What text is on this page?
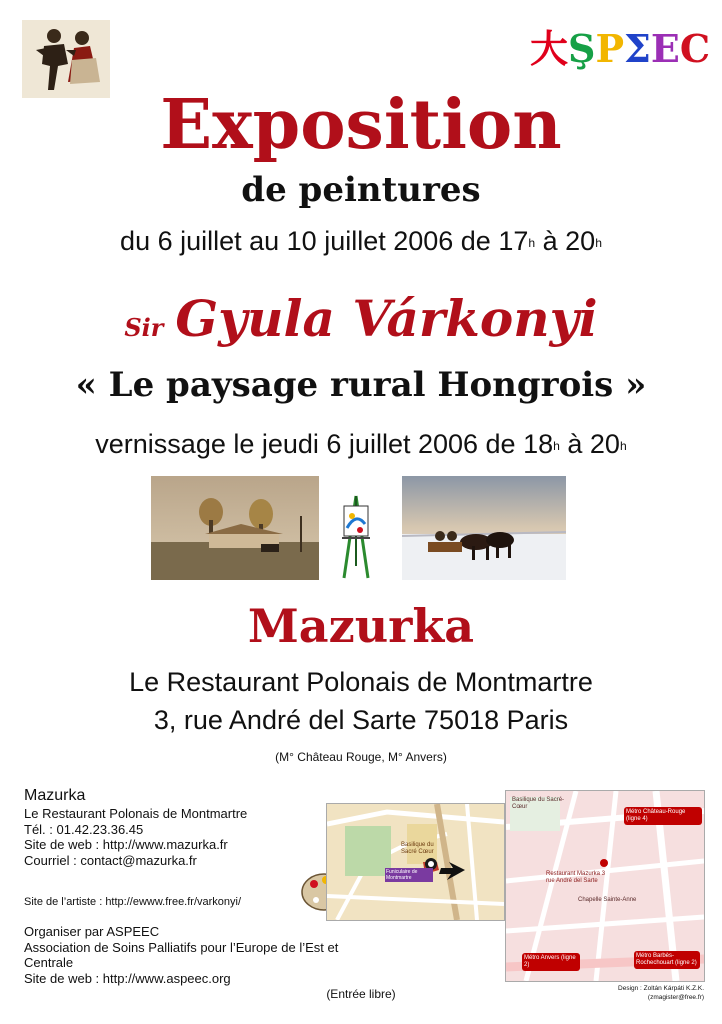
大ŞPΣEC
Exposition
de peintures
du 6 juillet au 10 juillet 2006 de 17$^h$ à 20$^h$
Sir Gyula Várkonyi
« Le paysage rural Hongrois »
vernissage le jeudi 6 juillet 2006 de 18$^h$ à 20$^h$
Mazurka
Le Restaurant Polonais de Montmartre
3, rue André del Sarte 75018 Paris
(M° Château Rouge, M° Anvers)

Mazurka

Le Restaurant Polonais de Montmartre

Tél. : 01.42.23.36.45

Site de web : http://www.mazurka.fr

Courriel : contact@mazurka.fr

Site de l’artiste : http://ewww.free.fr/varkonyi/

Organiser par ASPEEC

Association de Soins Palliatifs pour l’Europe de l’Est et Centrale

Site de web : http://www.aspeec.org

(Entrée libre)
Basilique du Sacré Cœur
Funiculaire de Montmartre
Basilique du Sacré-Cœur
Métro Château-Rouge (ligne 4)
Restaurant Mazurka 3 rue André del Sarte
Chapelle Sainte-Anne
Métro Anvers (ligne 2)
Métro Barbès-Rochechouart (ligne 2)
Design : Zoltán Kárpáti K.Z.K.
(zmagister@free.fr)
